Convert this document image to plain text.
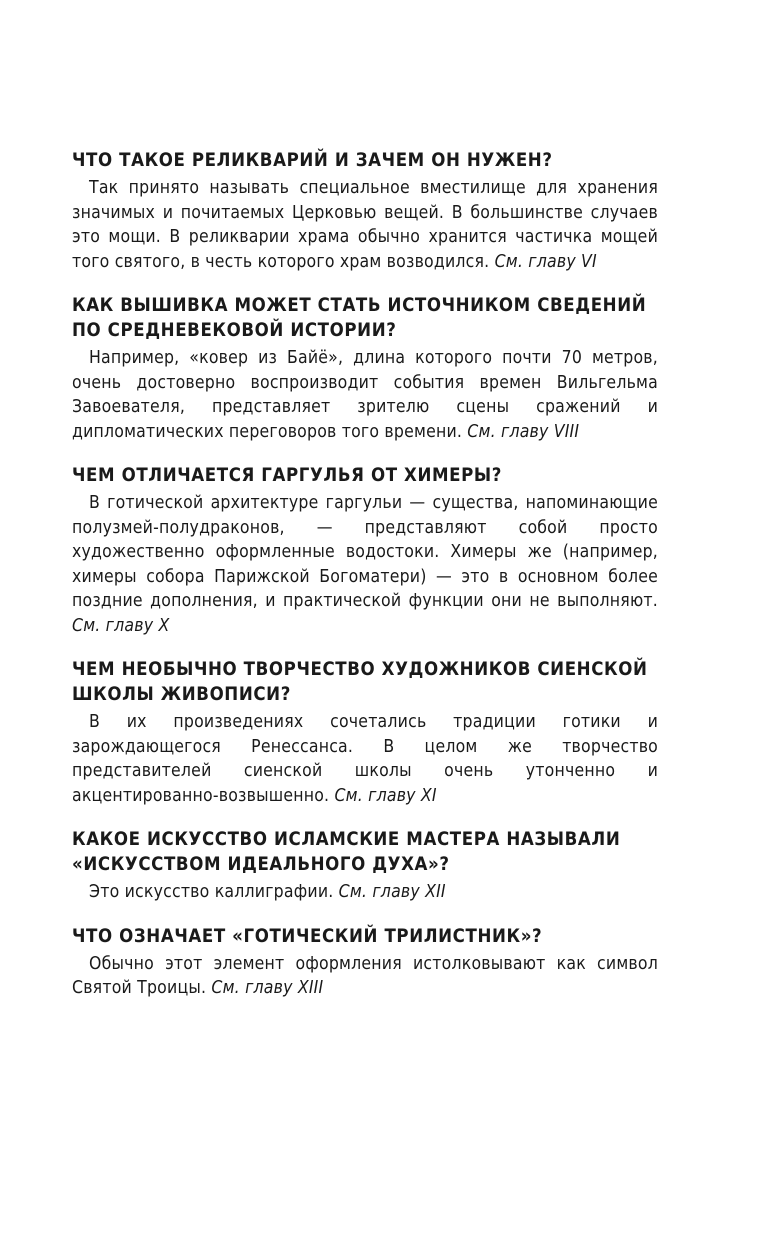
ЧТО ТАКОЕ РЕЛИКВАРИЙ И ЗАЧЕМ ОН НУЖЕН?

Так принято называть специальное вместилище для хранения значимых и почитаемых Церковью вещей. В большинстве случаев это мощи. В реликварии храма обычно хранится частичка мощей того святого, в честь которого храм возводился. См. главу VI

КАК ВЫШИВКА МОЖЕТ СТАТЬ ИСТОЧНИКОМ СВЕДЕНИЙ
ПО СРЕДНЕВЕКОВОЙ ИСТОРИИ?

Например, «ковер из Байё», длина которого почти 70 метров, очень достоверно воспроизводит события времен Вильгельма Завоевателя, представляет зрителю сцены сражений и дипломатических переговоров того времени. См. главу VIII

ЧЕМ ОТЛИЧАЕТСЯ ГАРГУЛЬЯ ОТ ХИМЕРЫ?

В готической архитектуре гаргульи — существа, напоминающие полузмей-полудраконов, — представляют собой просто художественно оформленные водостоки. Химеры же (например, химеры собора Парижской Богоматери) — это в основном более поздние дополнения, и практической функции они не выполняют. См. главу X

ЧЕМ НЕОБЫЧНО ТВОРЧЕСТВО ХУДОЖНИКОВ СИЕНСКОЙ
ШКОЛЫ ЖИВОПИСИ?

В их произведениях сочетались традиции готики и зарождающегося Ренессанса. В целом же творчество представителей сиенской школы очень утонченно и акцентированно-возвышенно. См. главу XI

КАКОЕ ИСКУССТВО ИСЛАМСКИЕ МАСТЕРА НАЗЫВАЛИ
«ИСКУССТВОМ ИДЕАЛЬНОГО ДУХА»?

Это искусство каллиграфии. См. главу XII

ЧТО ОЗНАЧАЕТ «ГОТИЧЕСКИЙ ТРИЛИСТНИК»?

Обычно этот элемент оформления истолковывают как символ Святой Троицы. См. главу XIII
